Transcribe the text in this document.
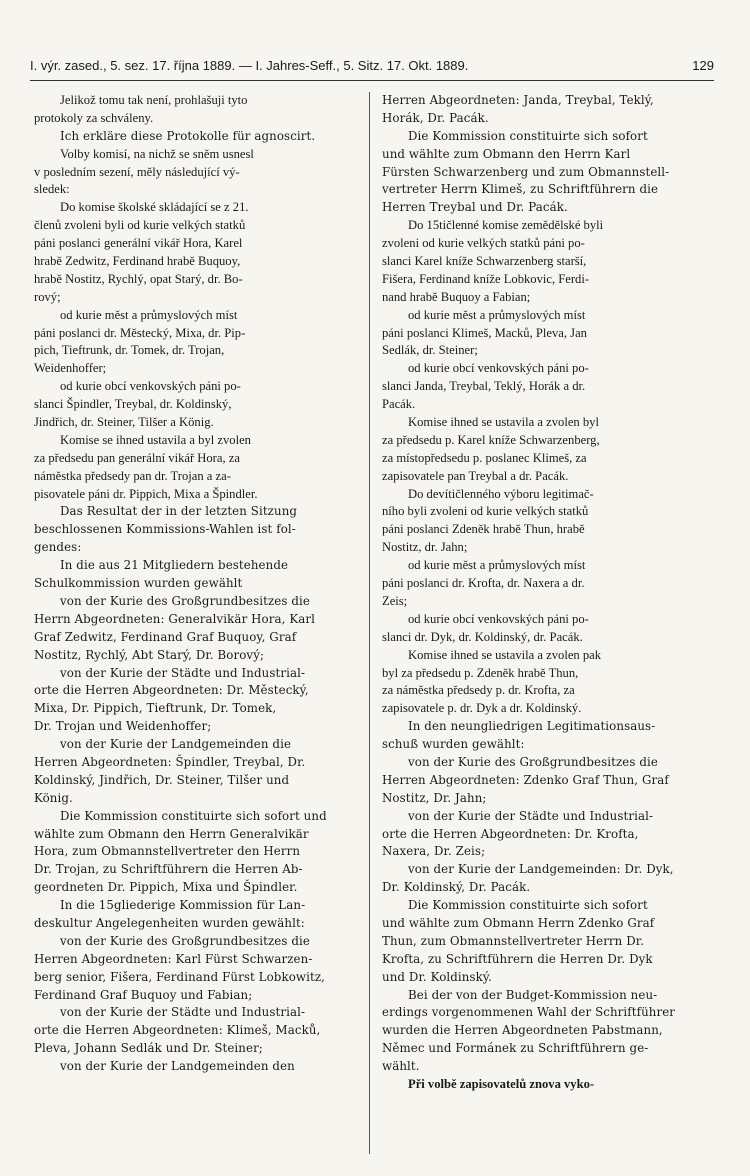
I. výr. zased., 5. sez. 17. října 1889. — I. Jahres-Seff., 5. Sitz. 17. Okt. 1889.	129
Jelikož tomu tak není, prohlašuji tyto
protokoly za schváleny.
Ich erkläre diese Protokolle für agnoscirt.
Volby komisí, na nichž se sněm usnesl
v posledním sezení, měly následující vý-
sledek:
Do komise školské skládající se z 21.
členů zvoleni byli od kurie velkých statků
páni poslanci generální vikář Hora, Karel
hrabě Zedwitz, Ferdinand hrabě Buquoy,
hrabě Nostitz, Rychlý, opat Starý, dr. Bo-
rový;
od kurie měst a průmyslových míst
páni poslanci dr. Městecký, Mixa, dr. Pip-
pich, Tieftrunk, dr. Tomek, dr. Trojan,
Weidenhoffer;
od kurie obcí venkovských páni po-
slanci Špindler, Treybal, dr. Koldinský,
Jindřich, dr. Steiner, Tilšer a König.
Komise se ihned ustavila a byl zvolen
za předsedu pan generální vikář Hora, za
náměstka předsedy pan dr. Trojan a za-
pisovatele páni dr. Pippich, Mixa a Špindler.
Das Resultat der in der letzten Sitzung
beschlossenen Kommissions-Wahlen ist fol-
gendes:
In die aus 21 Mitgliedern bestehende
Schulkommission wurden gewählt
von der Kurie des Großgrundbesitzes die
Herrn Abgeordneten: Generalvikär Hora, Karl
Graf Zedwitz, Ferdinand Graf Buquoy, Graf
Nostitz, Rychlý, Abt Starý, Dr. Borový;
von der Kurie der Städte und Industrial-
orte die Herren Abgeordneten: Dr. Městecký,
Mixa, Dr. Pippich, Tieftrunk, Dr. Tomek,
Dr. Trojan und Weidenhoffer;
von der Kurie der Landgemeinden die
Herren Abgeordneten: Špindler, Treybal, Dr.
Koldinský, Jindřich, Dr. Steiner, Tilšer und
König.
Die Kommission constituirte sich sofort und
wählte zum Obmann den Herrn Generalvikär
Hora, zum Obmannstellvertreter den Herrn
Dr. Trojan, zu Schriftführern die Herren Ab-
geordneten Dr. Pippich, Mixa und Špindler.
In die 15gliederige Kommission für Lan-
deskultur Angelegenheiten wurden gewählt:
von der Kurie des Großgrundbesitzes die
Herren Abgeordneten: Karl Fürst Schwarzen-
berg senior, Fišera, Ferdinand Fürst Lobkowitz,
Ferdinand Graf Buquoy und Fabian;
von der Kurie der Städte und Industrial-
orte die Herren Abgeordneten: Klimeš, Macků,
Pleva, Johann Sedlák und Dr. Steiner;
von der Kurie der Landgemeinden den
Herren Abgeordneten: Janda, Treybal, Teklý,
Horák, Dr. Pacák.
Die Kommission constituirte sich sofort
und wählte zum Obmann den Herrn Karl
Fürsten Schwarzenberg und zum Obmannstell-
vertreter Herrn Klimeš, zu Schriftführern die
Herren Treybal und Dr. Pacák.
Do 15tičlenné komise zemědělské byli
zvoleni od kurie velkých statků páni po-
slanci Karel kníže Schwarzenberg starší,
Fišera, Ferdinand kníže Lobkovic, Ferdi-
nand hrabě Buquoy a Fabian;
od kurie měst a průmyslových míst
páni poslanci Klimeš, Macků, Pleva, Jan
Sedlák, dr. Steiner;
od kurie obcí venkovských páni po-
slanci Janda, Treybal, Teklý, Horák a dr.
Pacák.
Komise ihned se ustavila a zvolen byl
za předsedu p. Karel kníže Schwarzenberg,
za místopředsedu p. poslanec Klimeš, za
zapisovatele pan Treybal a dr. Pacák.
Do devítičlenného výboru legitimač-
ního byli zvoleni od kurie velkých statků
páni poslanci Zdeněk hrabě Thun, hrabě
Nostitz, dr. Jahn;
od kurie měst a průmyslových míst
páni poslanci dr. Krofta, dr. Naxera a dr.
Zeis;
od kurie obcí venkovských páni po-
slanci dr. Dyk, dr. Koldinský, dr. Pacák.
Komise ihned se ustavila a zvolen pak
byl za předsedu p. Zdeněk hrabě Thun,
za náměstka předsedy p. dr. Krofta, za
zapisovatele p. dr. Dyk a dr. Koldinský.
In den neungliedrigen Legitimationsaus-
schuß wurden gewählt:
von der Kurie des Großgrundbesitzes die
Herren Abgeordneten: Zdenko Graf Thun, Graf
Nostitz, Dr. Jahn;
von der Kurie der Städte und Industrial-
orte die Herren Abgeordneten: Dr. Krofta,
Naxera, Dr. Zeis;
von der Kurie der Landgemeinden: Dr. Dyk,
Dr. Koldinský, Dr. Pacák.
Die Kommission constituirte sich sofort
und wählte zum Obmann Herrn Zdenko Graf
Thun, zum Obmannstellvertreter Herrn Dr.
Krofta, zu Schriftführern die Herren Dr. Dyk
und Dr. Koldinský.
Bei der von der Budget-Kommission neu-
erdings vorgenommenen Wahl der Schriftführer
wurden die Herren Abgeordneten Pabstmann,
Němec und Formánek zu Schriftführern ge-
wählt.
Při volbě zapisovatelů znova vyko-
